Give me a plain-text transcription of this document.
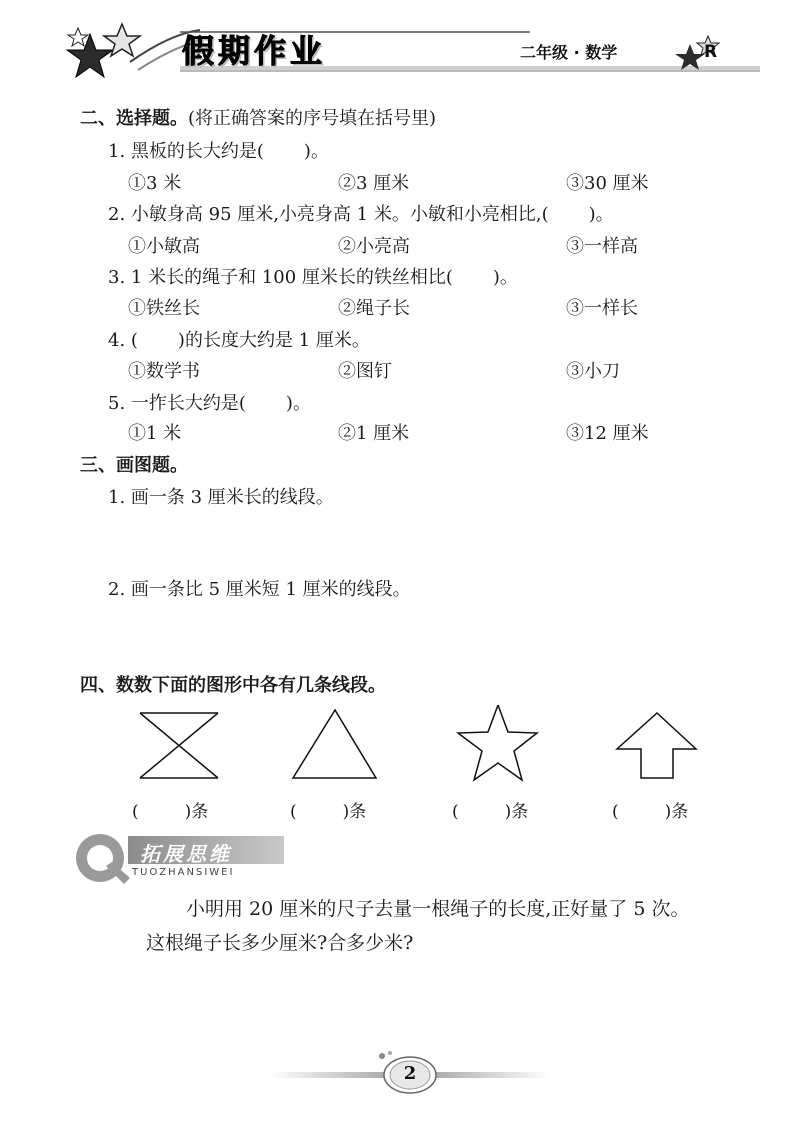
假期作业	二年级 · 数学	R
二、选择题。(将正确答案的序号填在括号里)
1. 黑板的长大约是( )。
①3 米	②3 厘米	③30 厘米
2. 小敏身高 95 厘米,小亮身高 1 米。小敏和小亮相比,( )。
①小敏高	②小亮高	③一样高
3. 1 米长的绳子和 100 厘米长的铁丝相比( )。
①铁丝长	②绳子长	③一样长
4. ( )的长度大约是 1 厘米。
①数学书	②图钉	③小刀
5. 一拃长大约是( )。
①1 米	②1 厘米	③12 厘米
三、画图题。
1. 画一条 3 厘米长的线段。
2. 画一条比 5 厘米短 1 厘米的线段。
四、数数下面的图形中各有几条线段。
(	)条	(	)条	(	)条	(	)条
拓展思维
TUOZHANSIWEI
小明用 20 厘米的尺子去量一根绳子的长度,正好量了 5 次。
这根绳子长多少厘米?合多少米?
2
